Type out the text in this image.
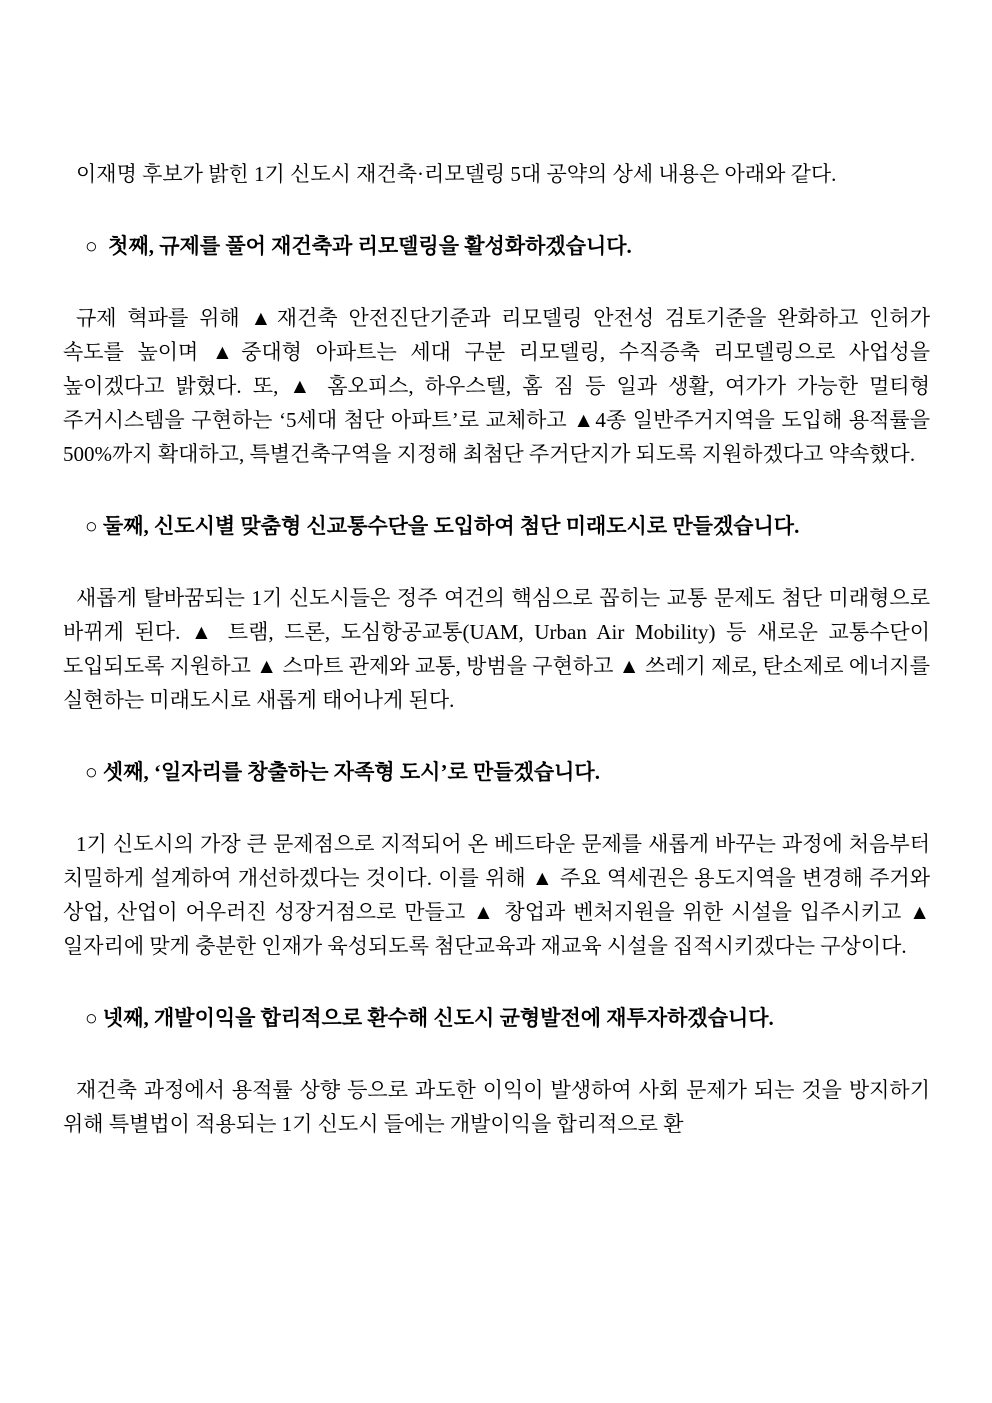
이재명 후보가 밝힌 1기 신도시 재건축·리모델링 5대 공약의 상세 내용은 아래와 같다.

○  첫째, 규제를 풀어 재건축과 리모델링을 활성화하겠습니다.

규제 혁파를 위해 ▲재건축 안전진단기준과 리모델링 안전성 검토기준을 완화하고 인허가 속도를 높이며 ▲중대형 아파트는 세대 구분 리모델링, 수직증축 리모델링으로 사업성을 높이겠다고 밝혔다. 또, ▲ 홈오피스, 하우스텔, 홈 짐 등 일과 생활, 여가가 가능한 멀티형 주거시스템을 구현하는 ‘5세대 첨단 아파트’로 교체하고 ▲4종 일반주거지역을 도입해 용적률을 500%까지 확대하고, 특별건축구역을 지정해 최첨단 주거단지가 되도록 지원하겠다고 약속했다.

○ 둘째, 신도시별 맞춤형 신교통수단을 도입하여 첨단 미래도시로 만들겠습니다.

새롭게 탈바꿈되는 1기 신도시들은 정주 여건의 핵심으로 꼽히는 교통 문제도 첨단 미래형으로 바뀌게 된다. ▲ 트램, 드론, 도심항공교통(UAM, Urban Air Mobility) 등 새로운 교통수단이 도입되도록 지원하고 ▲ 스마트 관제와 교통, 방범을 구현하고 ▲ 쓰레기 제로, 탄소제로 에너지를 실현하는 미래도시로 새롭게 태어나게 된다.

○ 셋째, ‘일자리를 창출하는 자족형 도시’로 만들겠습니다.

1기 신도시의 가장 큰 문제점으로 지적되어 온 베드타운 문제를 새롭게 바꾸는 과정에 처음부터 치밀하게 설계하여 개선하겠다는 것이다. 이를 위해 ▲ 주요 역세권은 용도지역을 변경해 주거와 상업, 산업이 어우러진 성장거점으로 만들고 ▲ 창업과 벤처지원을 위한 시설을 입주시키고 ▲ 일자리에 맞게 충분한 인재가 육성되도록 첨단교육과 재교육 시설을 집적시키겠다는 구상이다.

○ 넷째, 개발이익을 합리적으로 환수해 신도시 균형발전에 재투자하겠습니다.

재건축 과정에서 용적률 상향 등으로 과도한 이익이 발생하여 사회 문제가 되는 것을 방지하기 위해 특별법이 적용되는 1기 신도시 들에는 개발이익을 합리적으로 환
